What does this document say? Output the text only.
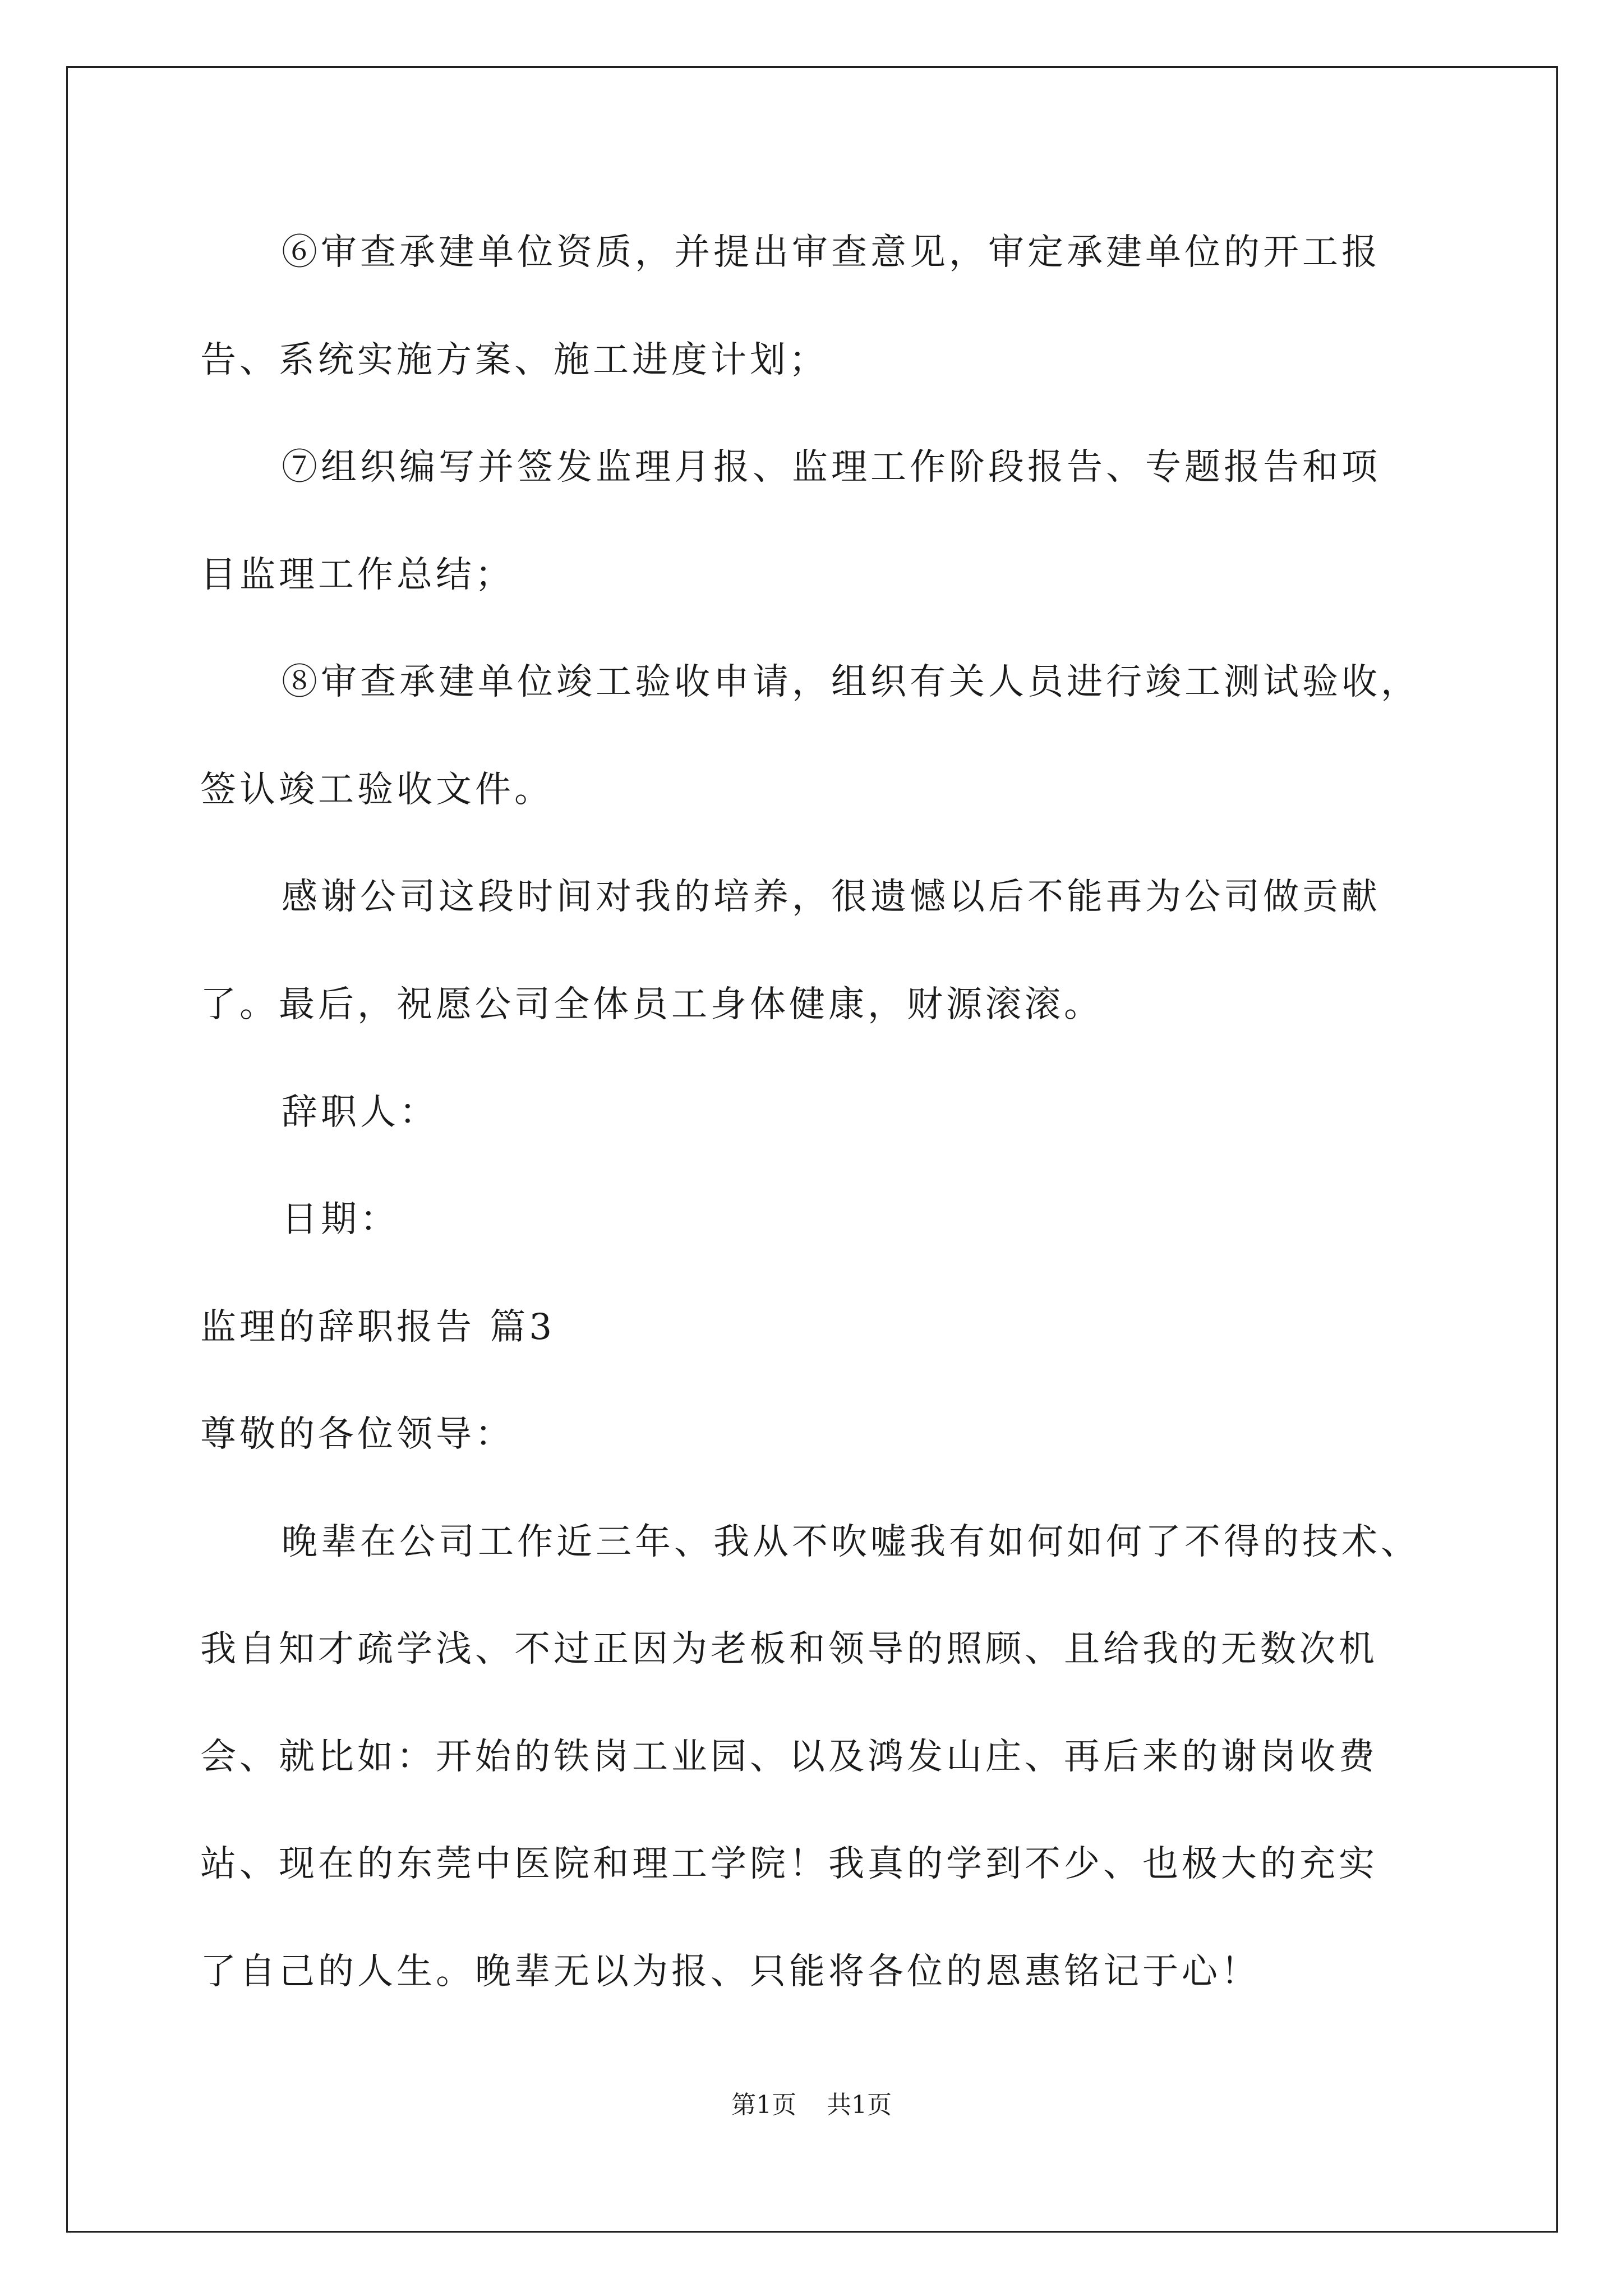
⑥审查承建单位资质，并提出审查意见，审定承建单位的开工报
告、系统实施方案、施工进度计划；
⑦组织编写并签发监理月报、监理工作阶段报告、专题报告和项
目监理工作总结；
⑧审查承建单位竣工验收申请，组织有关人员进行竣工测试验收，
签认竣工验收文件。
感谢公司这段时间对我的培养，很遗憾以后不能再为公司做贡献
了。最后，祝愿公司全体员工身体健康，财源滚滚。
辞职人：
日期：
监理的辞职报告 篇3
尊敬的各位领导：
晚辈在公司工作近三年、我从不吹嘘我有如何如何了不得的技术、
我自知才疏学浅、不过正因为老板和领导的照顾、且给我的无数次机
会、就比如：开始的铁岗工业园、以及鸿发山庄、再后来的谢岗收费
站、现在的东莞中医院和理工学院！我真的学到不少、也极大的充实
了自己的人生。晚辈无以为报、只能将各位的恩惠铭记于心！
第1页 共1页
